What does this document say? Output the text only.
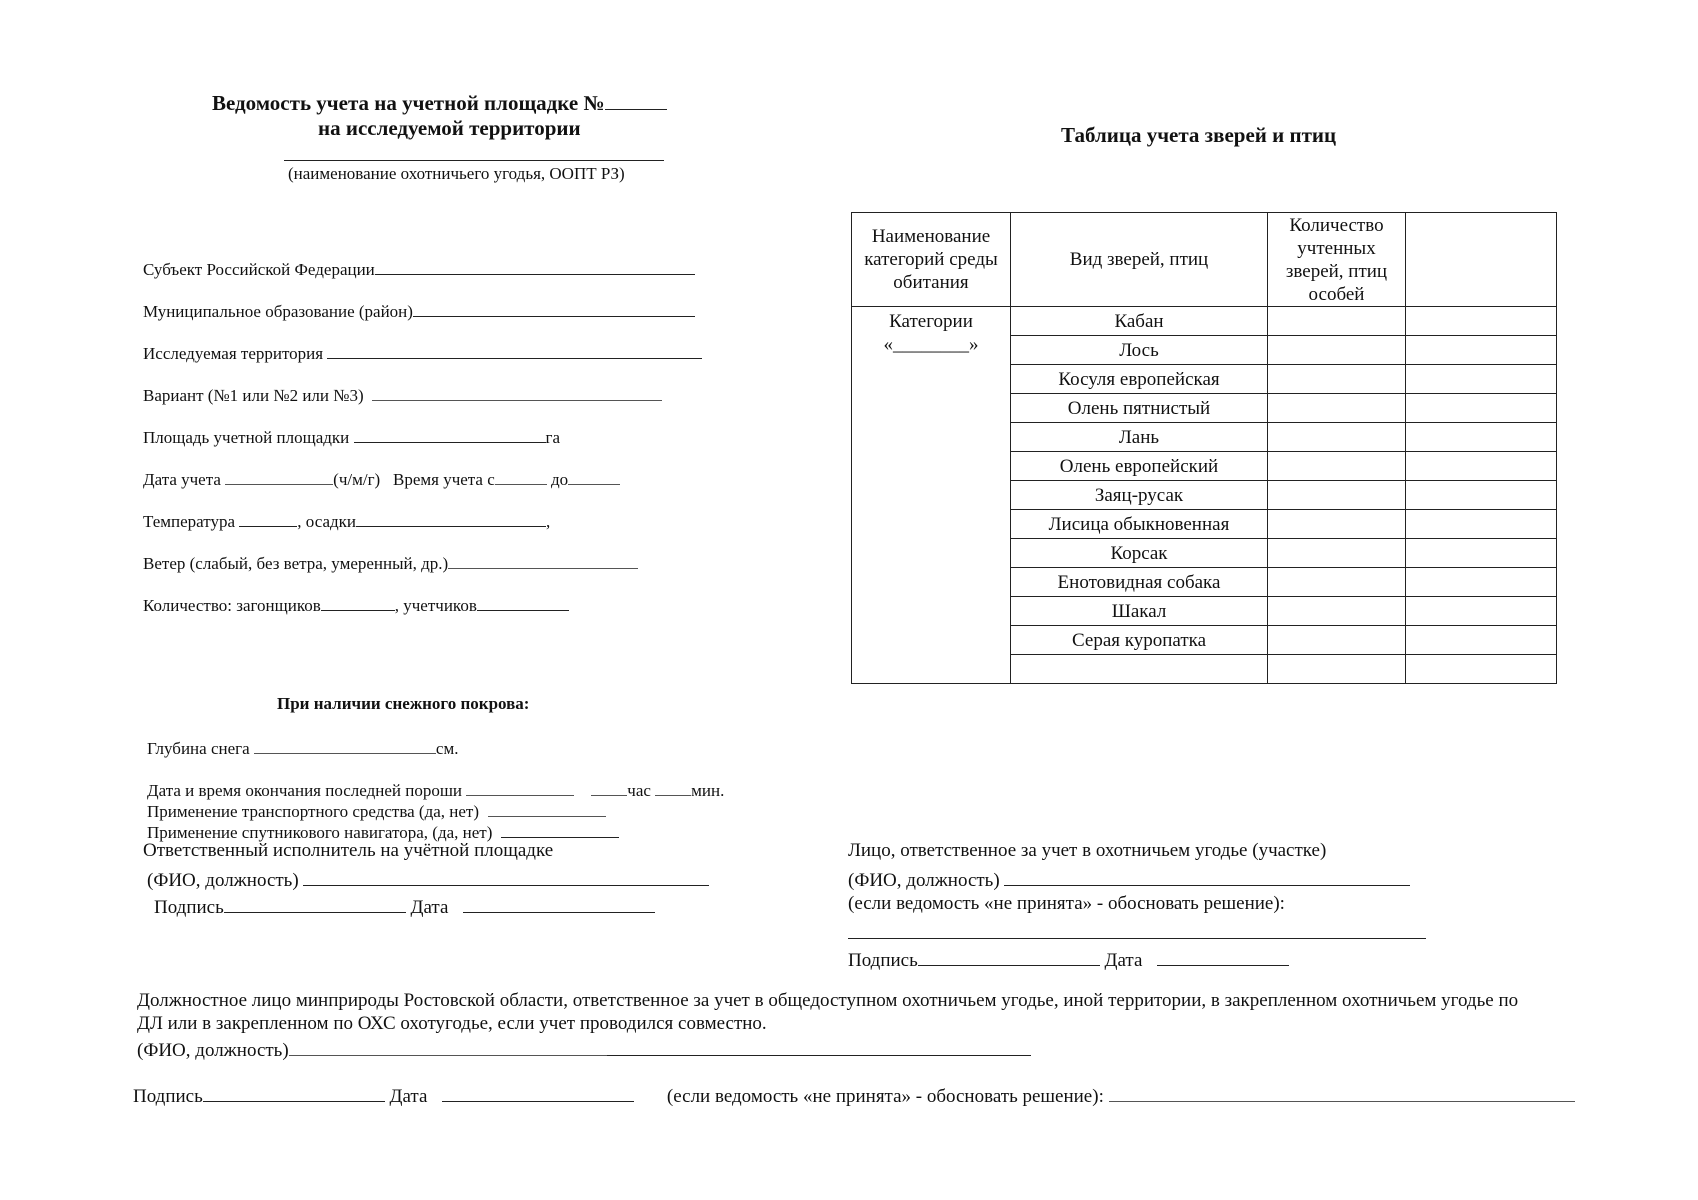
Ведомость учета на учетной площадке №
на исследуемой территории
(наименование охотничьего угодья, ООПТ РЗ)
Субъект Российской Федерации
Муниципальное образование (район)
Исследуемая территория
Вариант (№1 или №2 или №3)
Площадь учетной площадки	га
Дата учета	(ч/м/г) Время учета с	до
Температура	, осадки	,
Ветер (слабый, без ветра, умеренный, др.)
Количество: загонщиков	, учетчиков
При наличии снежного покрова:
Глубина снега	см.
Дата и время окончания последней пороши	час мин.
Применение транспортного средства (да, нет)
Применение спутникового навигатора, (да, нет)
Ответственный исполнитель на учётной площадке
(ФИО, должность)
Подпись	Дата
Таблица учета зверей и птиц
Наименование категорий среды обитания	Вид зверей, птиц	Количество учтенных зверей, птиц особей	

Категории
«________»	Кабан		
	Лось		
	Косуля европейская		
	Олень пятнистый		
	Лань		
	Олень европейский		
	Заяц-русак		
	Лисица обыкновенная		
	Корсак		
	Енотовидная собака		
	Шакал		
	Серая куропатка		

Лицо, ответственное за учет в охотничьем угодье (участке)
(ФИО, должность)
(если ведомость «не принята» - обосновать решение):
Подпись	Дата
Должностное лицо минприроды Ростовской области, ответственное за учет в общедоступном охотничьем угодье, иной территории, в закрепленном охотничьем угодье по
ДЛ или в закрепленном по ОХС охотугодье, если учет проводился совместно.
(ФИО, должность)
Подпись	Дата	(если ведомость «не принята» - обосновать решение):
